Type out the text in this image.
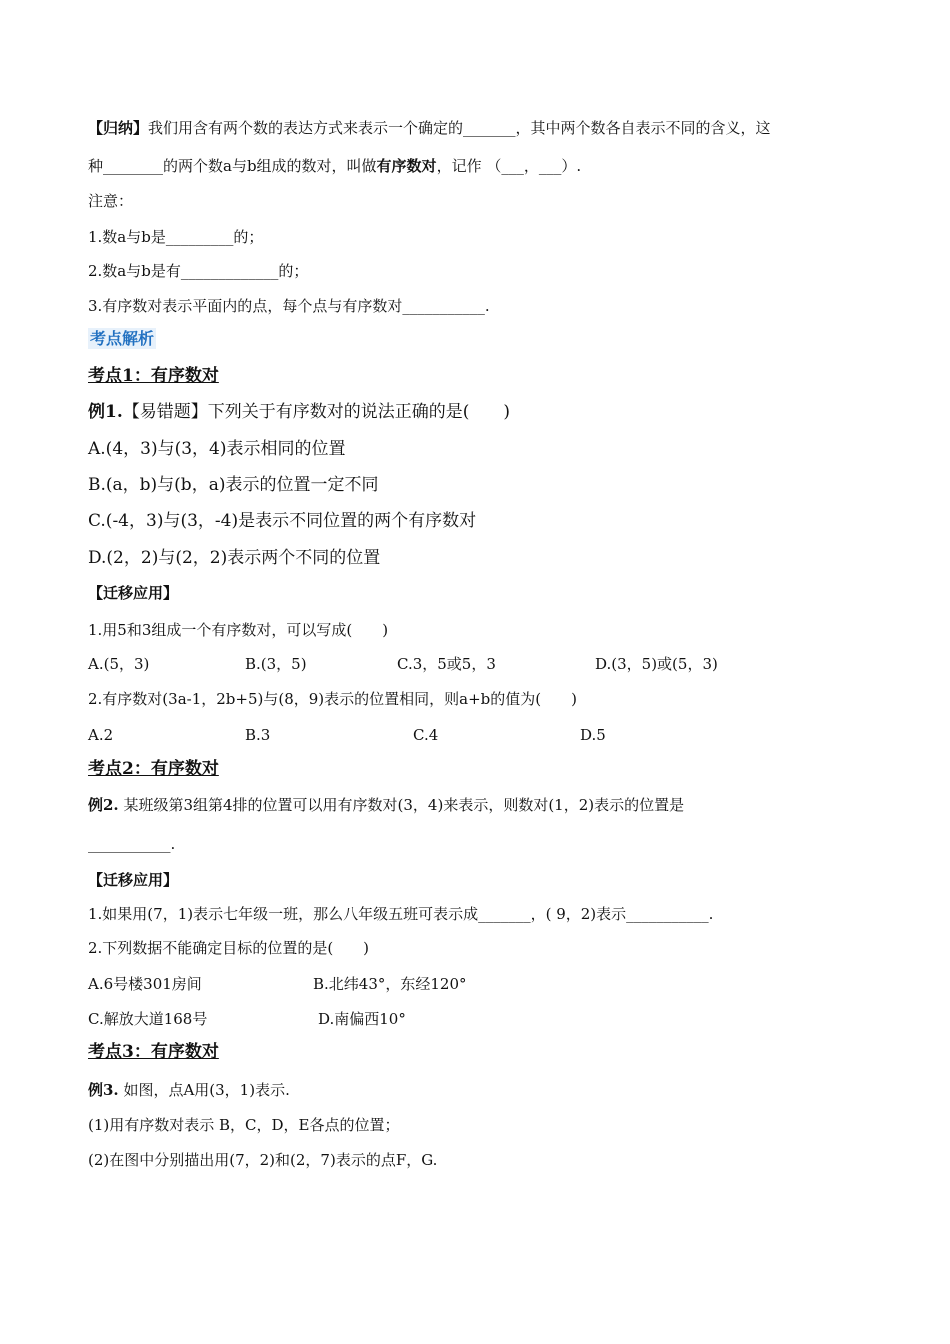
【归纳】我们用含有两个数的表达方式来表示一个确定的_______，其中两个数各自表示不同的含义，这
种________的两个数a与b组成的数对，叫做有序数对，记作 （___，___）.
注意：
1.数a与b是_________的；
2.数a与b是有_____________的；
3.有序数对表示平面内的点，每个点与有序数对___________.
考点解析
考点1：有序数对
例1.【易错题】下列关于有序数对的说法正确的是(　　)
A.(4，3)与(3，4)表示相同的位置
B.(a，b)与(b，a)表示的位置一定不同
C.(-4，3)与(3，-4)是表示不同位置的两个有序数对
D.(2，2)与(2，2)表示两个不同的位置
【迁移应用】
1.用5和3组成一个有序数对，可以写成(　　)
A.(5，3)	B.(3，5)	C.3，5或5，3	D.(3，5)或(5，3)
2.有序数对(3a-1，2b+5)与(8，9)表示的位置相同，则a+b的值为(　　)
A.2	B.3	C.4	D.5
考点2：有序数对
例2. 某班级第3组第4排的位置可以用有序数对(3，4)来表示，则数对(1，2)表示的位置是
___________.
【迁移应用】
1.如果用(7，1)表示七年级一班，那么八年级五班可表示成_______，( 9，2)表示___________.
2.下列数据不能确定目标的位置的是(　　)
A.6号楼301房间	B.北纬43°，东经120°
C.解放大道168号	D.南偏西10°
考点3：有序数对
例3. 如图，点A用(3，1)表示.
(1)用有序数对表示 B，C，D，E各点的位置；
(2)在图中分别描出用(7，2)和(2，7)表示的点F，G.
